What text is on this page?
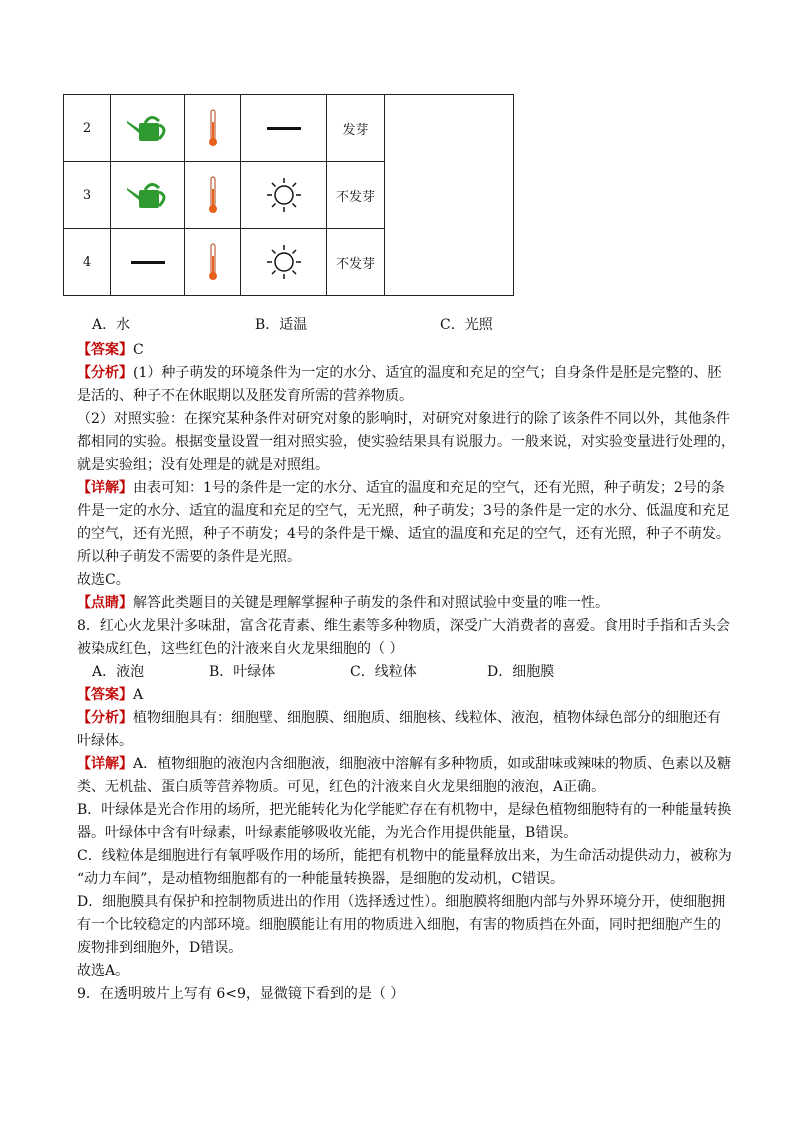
2				发芽	
3				不发芽	
4				不发芽	
A．水	B．适温	C．光照
【答案】C
【分析】(1）种子萌发的环境条件为一定的水分、适宜的温度和充足的空气；自身条件是胚是完整的、胚
是活的、种子不在休眠期以及胚发育所需的营养物质。
（2）对照实验：在探究某种条件对研究对象的影响时，对研究对象进行的除了该条件不同以外，其他条件
都相同的实验。根据变量设置一组对照实验，使实验结果具有说服力。一般来说，对实验变量进行处理的，
就是实验组；没有处理是的就是对照组。
【详解】由表可知：1号的条件是一定的水分、适宜的温度和充足的空气，还有光照，种子萌发；2号的条
件是一定的水分、适宜的温度和充足的空气，无光照，种子萌发；3号的条件是一定的水分、低温度和充足
的空气，还有光照，种子不萌发；4号的条件是干燥、适宜的温度和充足的空气，还有光照，种子不萌发。
所以种子萌发不需要的条件是光照。
故选C。
【点睛】解答此类题目的关键是理解掌握种子萌发的条件和对照试验中变量的唯一性。
8．红心火龙果汁多味甜，富含花青素、维生素等多种物质，深受广大消费者的喜爱。食用时手指和舌头会
被染成红色，这些红色的汁液来自火龙果细胞的（ ）
A．液泡	B．叶绿体	C．线粒体	D．细胞膜
【答案】A
【分析】植物细胞具有：细胞壁、细胞膜、细胞质、细胞核、线粒体、液泡，植物体绿色部分的细胞还有
叶绿体。
【详解】A．植物细胞的液泡内含细胞液，细胞液中溶解有多种物质，如或甜味或辣味的物质、色素以及糖
类、无机盐、蛋白质等营养物质。可见，红色的汁液来自火龙果细胞的液泡，A正确。
B．叶绿体是光合作用的场所，把光能转化为化学能贮存在有机物中，是绿色植物细胞特有的一种能量转换
器。叶绿体中含有叶绿素，叶绿素能够吸收光能，为光合作用提供能量，B错误。
C．线粒体是细胞进行有氧呼吸作用的场所，能把有机物中的能量释放出来，为生命活动提供动力，被称为
“动力车间”，是动植物细胞都有的一种能量转换器，是细胞的发动机，C错误。
D．细胞膜具有保护和控制物质进出的作用（选择透过性）。细胞膜将细胞内部与外界环境分开，使细胞拥
有一个比较稳定的内部环境。细胞膜能让有用的物质进入细胞，有害的物质挡在外面，同时把细胞产生的
废物排到细胞外，D错误。
故选A。
9．在透明玻片上写有 6<9，显微镜下看到的是（ ）
